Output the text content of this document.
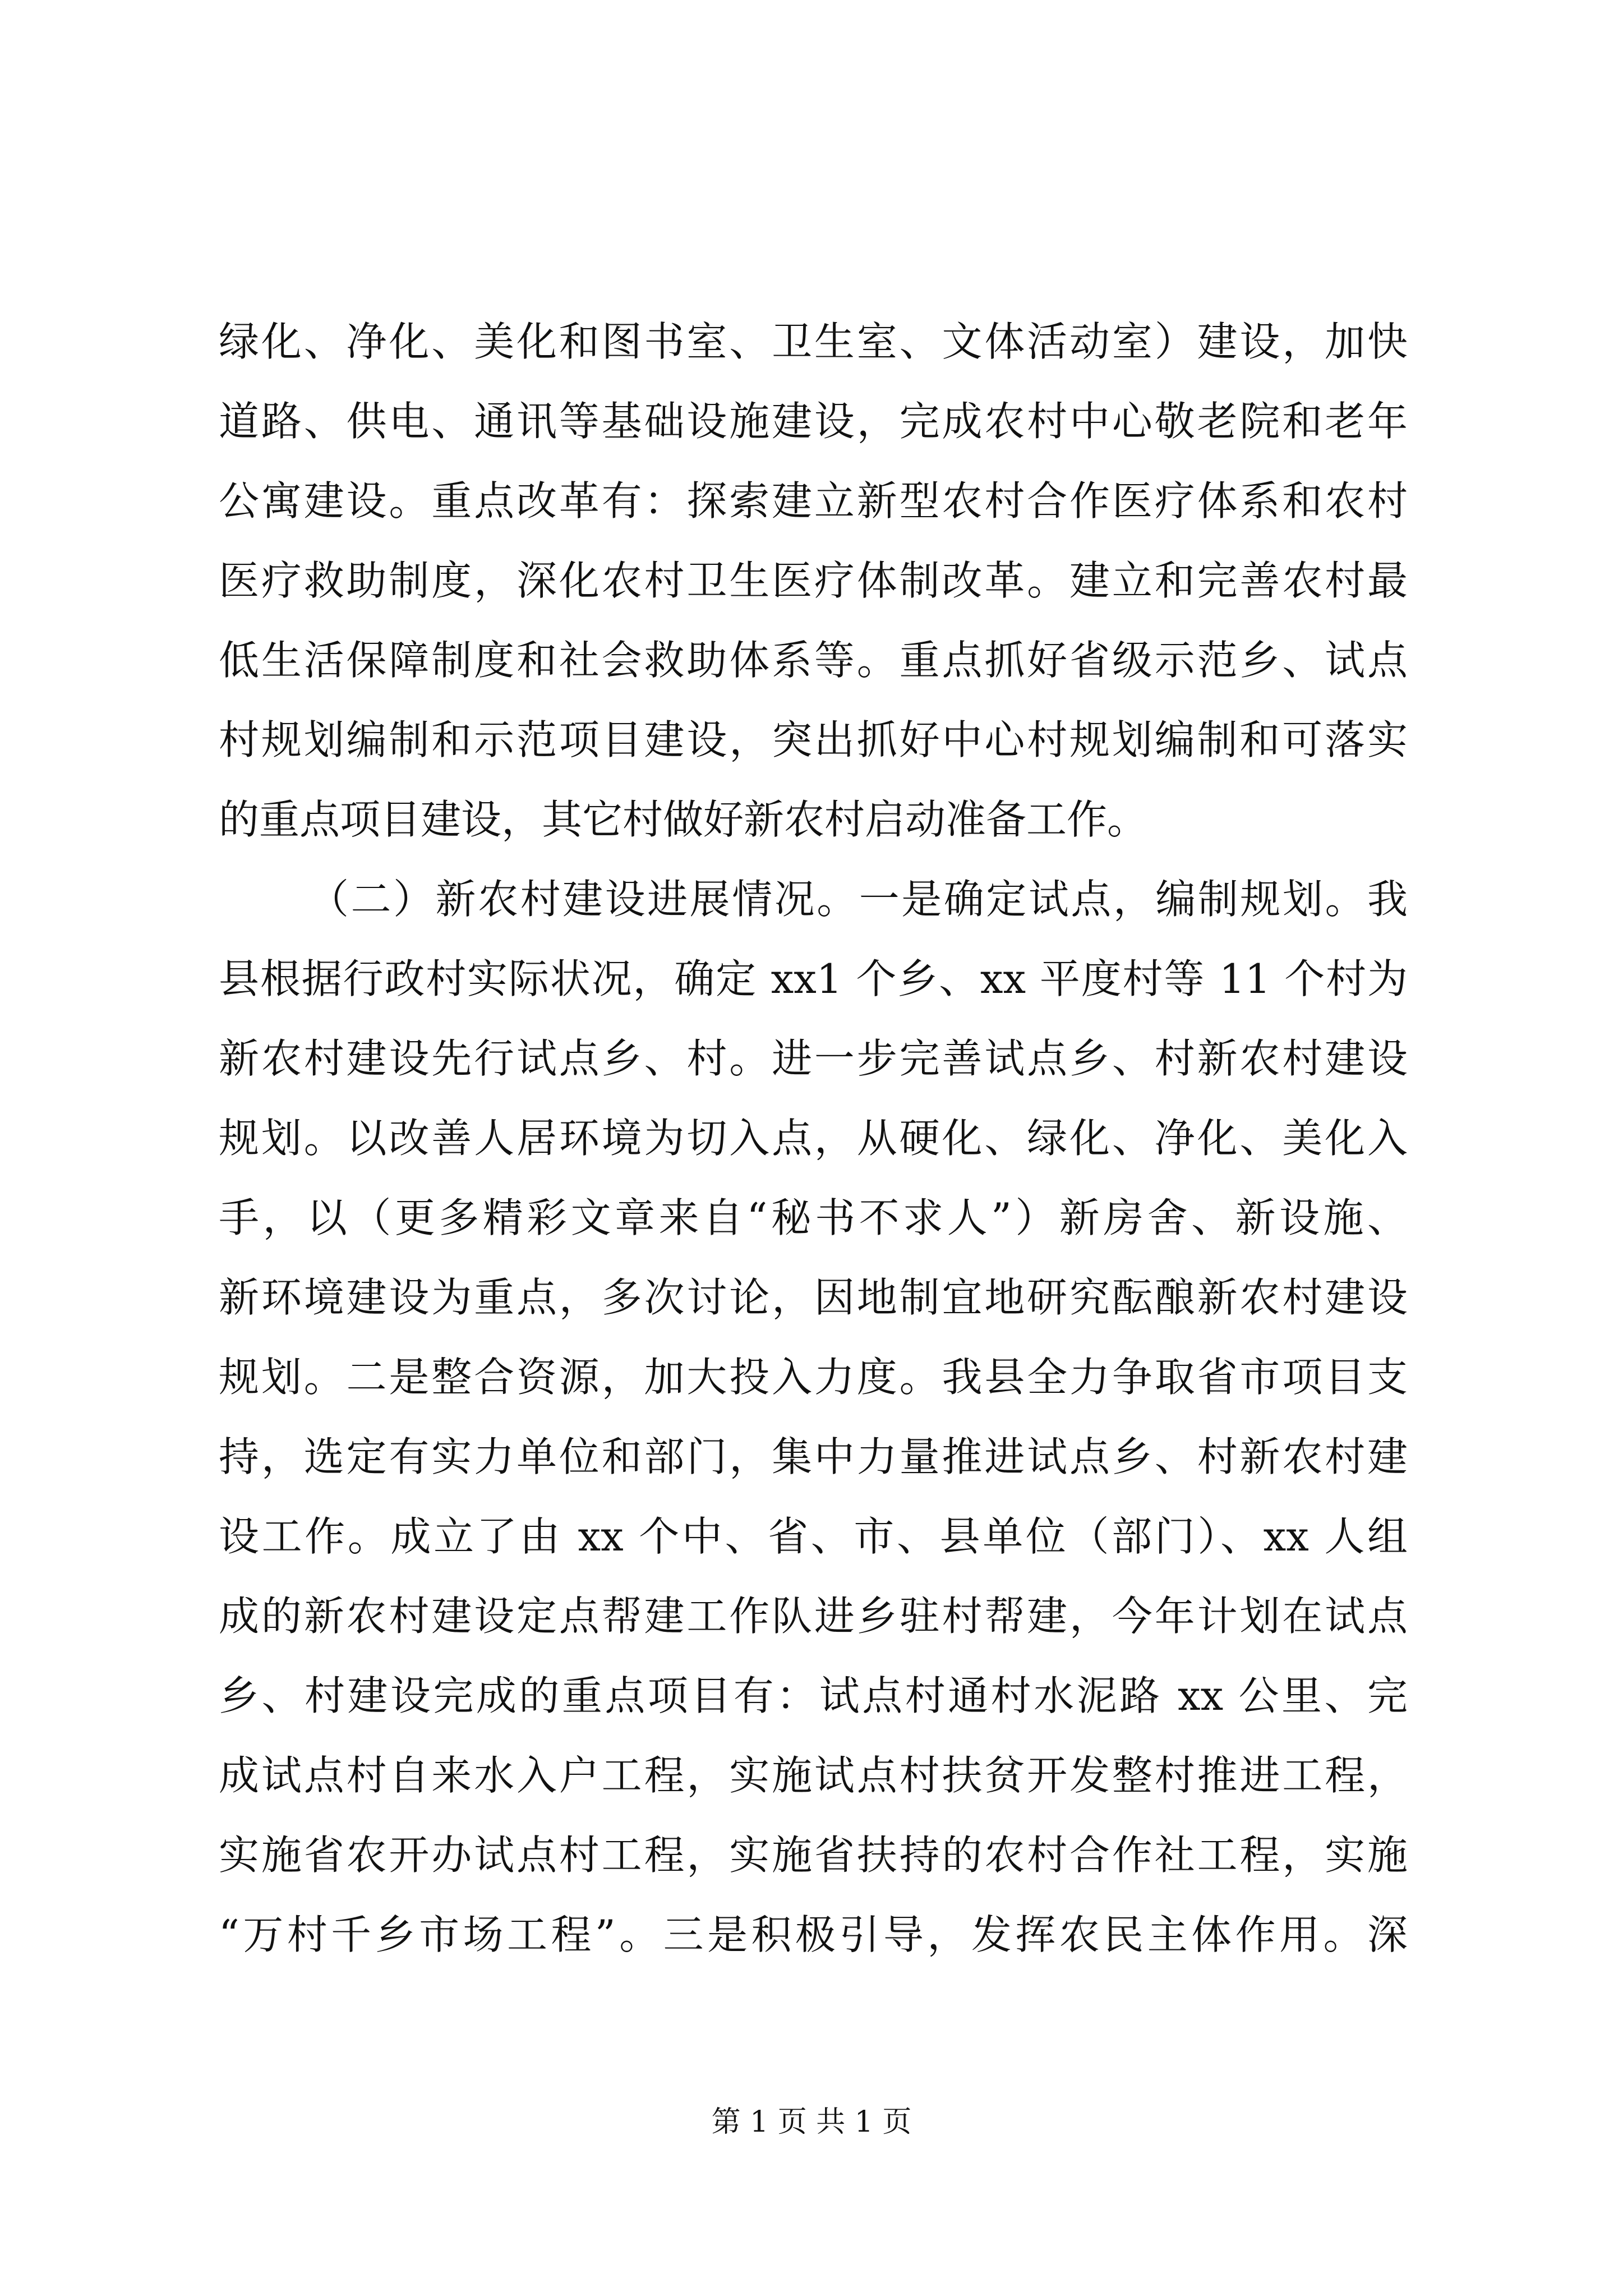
绿化、净化、美化和图书室、卫生室、文体活动室）建设，加快
道路、供电、通讯等基础设施建设，完成农村中心敬老院和老年
公寓建设。重点改革有：探索建立新型农村合作医疗体系和农村
医疗救助制度，深化农村卫生医疗体制改革。建立和完善农村最
低生活保障制度和社会救助体系等。重点抓好省级示范乡、试点
村规划编制和示范项目建设，突出抓好中心村规划编制和可落实
的重点项目建设，其它村做好新农村启动准备工作。
（二）新农村建设进展情况。一是确定试点，编制规划。我
县根据行政村实际状况，确定 xx1 个乡、xx 平度村等 11 个村为
新农村建设先行试点乡、村。进一步完善试点乡、村新农村建设
规划。以改善人居环境为切入点，从硬化、绿化、净化、美化入
手，以（更多精彩文章来自“秘书不求人”）新房舍、新设施、
新环境建设为重点，多次讨论，因地制宜地研究酝酿新农村建设
规划。二是整合资源，加大投入力度。我县全力争取省市项目支
持，选定有实力单位和部门，集中力量推进试点乡、村新农村建
设工作。成立了由 xx 个中、省、市、县单位（部门）、xx 人组
成的新农村建设定点帮建工作队进乡驻村帮建，今年计划在试点
乡、村建设完成的重点项目有：试点村通村水泥路 xx 公里、完
成试点村自来水入户工程，实施试点村扶贫开发整村推进工程，
实施省农开办试点村工程，实施省扶持的农村合作社工程，实施
“万村千乡市场工程”。三是积极引导，发挥农民主体作用。深
第 1 页 共 1 页
